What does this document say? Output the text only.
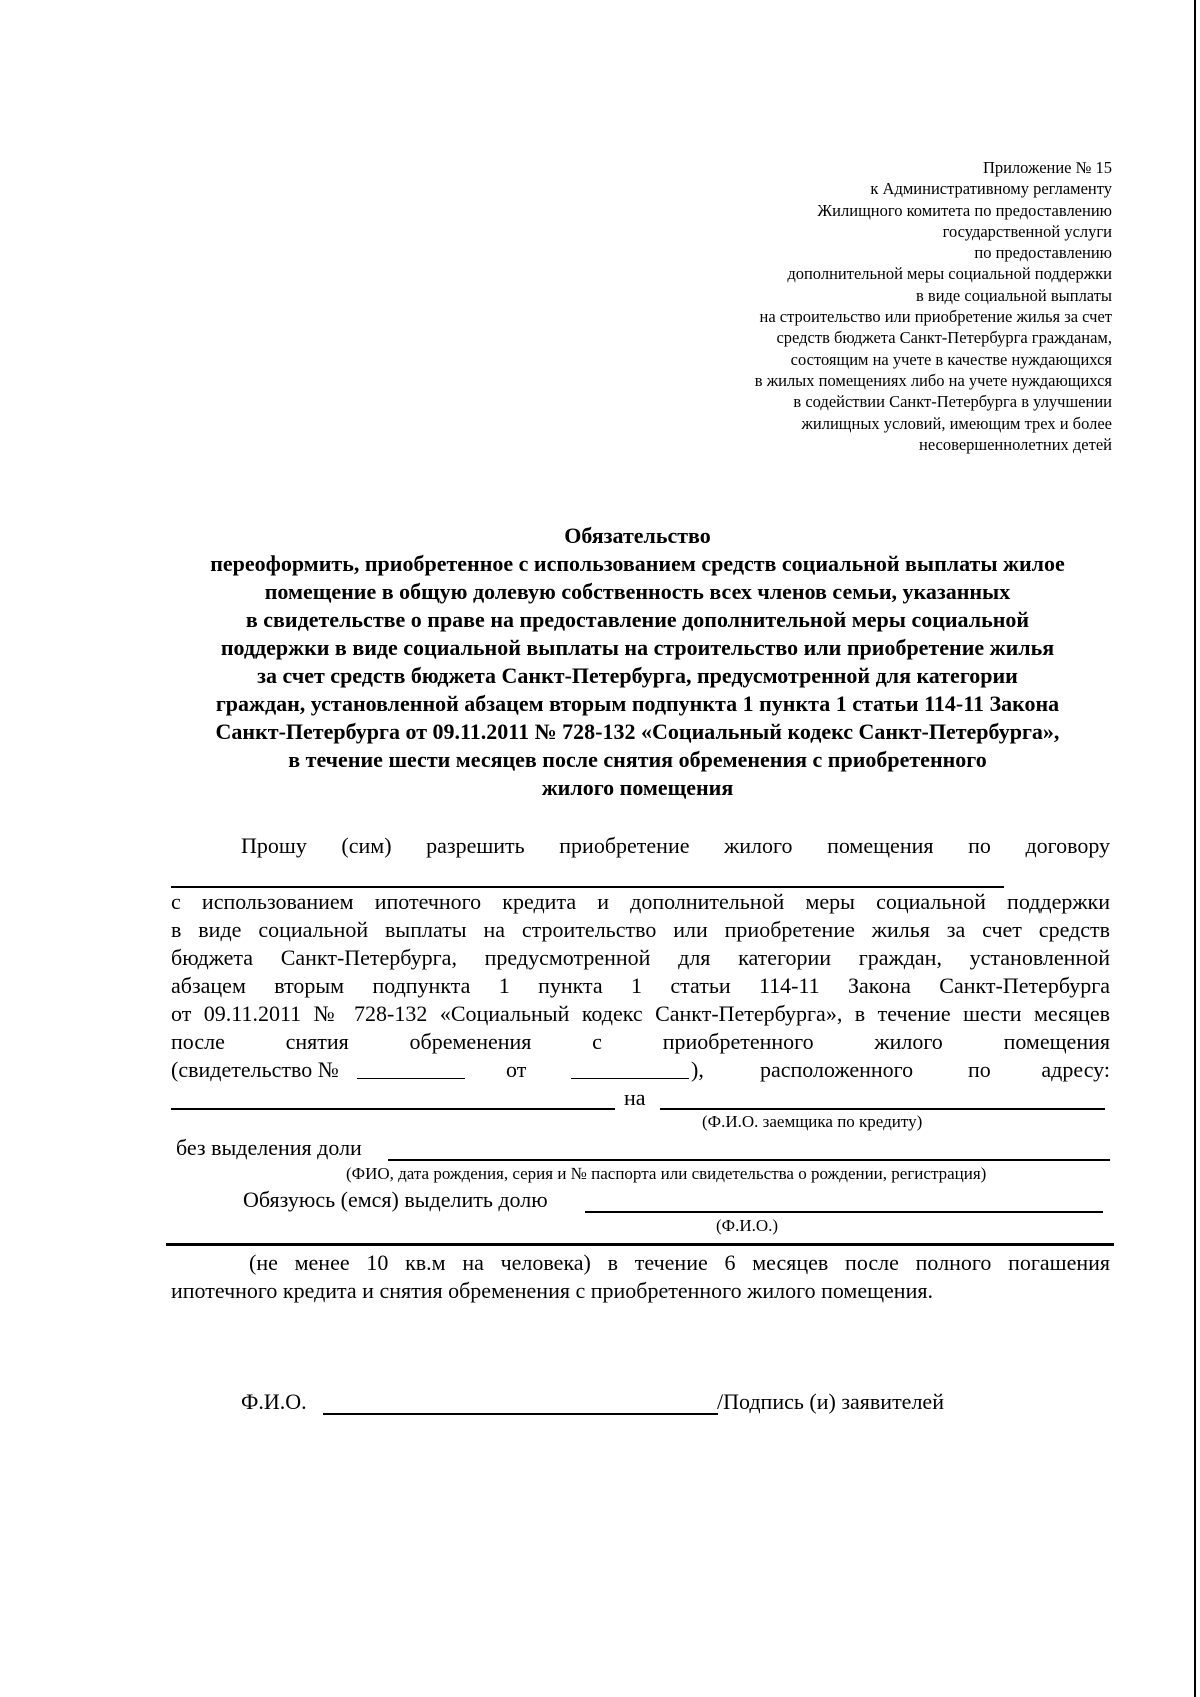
Приложение № 15
к Административному регламенту
Жилищного комитета по предоставлению
государственной услуги
по предоставлению
дополнительной меры социальной поддержки
в виде социальной выплаты
на строительство или приобретение жилья за счет
средств бюджета Санкт-Петербурга гражданам,
состоящим на учете в качестве нуждающихся
в жилых помещениях либо на учете нуждающихся
в содействии Санкт-Петербурга в улучшении
жилищных условий, имеющим трех и более
несовершеннолетних детей
Обязательство
переоформить, приобретенное с использованием средств социальной выплаты жилое
помещение в общую долевую собственность всех членов семьи, указанных
в свидетельстве о праве на предоставление дополнительной меры социальной
поддержки в виде социальной выплаты на строительство или приобретение жилья
за счет средств бюджета Санкт-Петербурга, предусмотренной для категории
граждан, установленной абзацем вторым подпункта 1 пункта 1 статьи 114-11 Закона
Санкт-Петербурга от 09.11.2011 № 728-132 «Социальный кодекс Санкт-Петербурга»,
в течение шести месяцев после снятия обременения с приобретенного
жилого помещения
Прошу (сим) разрешить приобретение жилого помещения по договору
с использованием ипотечного кредита и дополнительной меры социальной поддержки
в виде социальной выплаты на строительство или приобретение жилья за счет средств
бюджета Санкт-Петербурга, предусмотренной для категории граждан, установленной
абзацем вторым подпункта 1 пункта 1 статьи 114-11 Закона Санкт-Петербурга
от 09.11.2011 № 728-132 «Социальный кодекс Санкт-Петербурга», в течение шести месяцев
после	снятия	обременения	с	приобретенного	жилого	помещения
(свидетельство №	от	),	расположенного по адресу:
на
(Ф.И.О. заемщика по кредиту)
без выделения доли
(ФИО, дата рождения, серия и № паспорта или свидетельства о рождении, регистрация)
Обязуюсь (емся) выделить долю
(Ф.И.О.)
(не менее 10 кв.м на человека) в течение 6 месяцев после полного погашения
ипотечного кредита и снятия обременения с приобретенного жилого помещения.
Ф.И.О.	/Подпись (и) заявителей
